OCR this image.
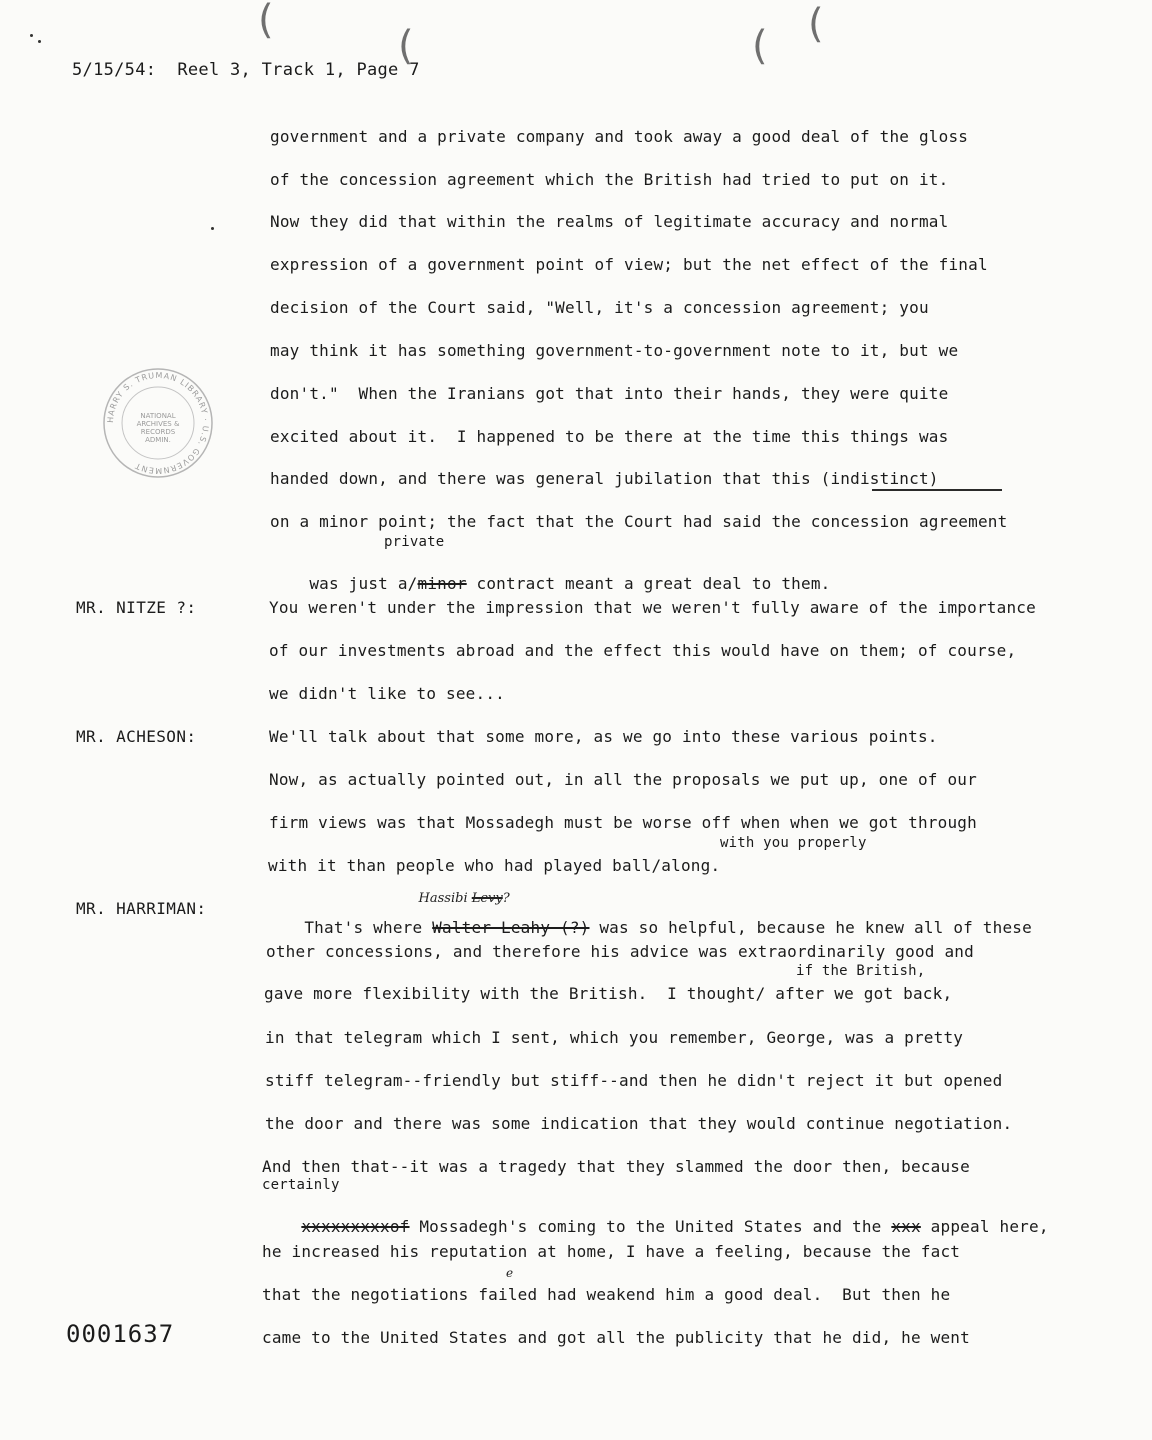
(
(	( (
5/15/54:  Reel 3, Track 1, Page 7
HARRY S. TRUMAN LIBRARY · U.S. GOVERNMENT
NATIONAL
ARCHIVES &
RECORDS
ADMIN.
government and a private company and took away a good deal of the gloss
of the concession agreement which the British had tried to put on it.
Now they did that within the realms of legitimate accuracy and normal
expression of a government point of view; but the net effect of the final
decision of the Court said, "Well, it's a concession agreement; you
may think it has something government-to-government note to it, but we
don't."  When the Iranians got that into their hands, they were quite
excited about it.  I happened to be there at the time this things was
handed down, and there was general jubilation that this (indistinct)
on a minor point; the fact that the Court had said the concession agreement
private

was just a/minor contract meant a great deal to them.

MR. NITZE ?:	You weren't under the impression that we weren't fully aware of the importance
of our investments abroad and the effect this would have on them; of course,
we didn't like to see...
MR. ACHESON:	We'll talk about that some more, as we go into these various points.
Now, as actually pointed out, in all the proposals we put up, one of our
firm views was that Mossadegh must be worse off when when we got through
with you properly
with it than people who had played ball/along.
MR. HARRIMAN:

Hassibi Levy?

That's where Walter Leahy (?) was so helpful, because he knew all of these

other concessions, and therefore his advice was extraordinarily good and
if the British,
gave more flexibility with the British.  I thought/ after we got back,
in that telegram which I sent, which you remember, George, was a pretty
stiff telegram--friendly but stiff--and then he didn't reject it but opened
the door and there was some indication that they would continue negotiation.
And then that--it was a tragedy that they slammed the door then, because
certainly

xxxxxxxxxof Mossadegh's coming to the United States and the xxx appeal here,

he increased his reputation at home, I have a feeling, because the fact
e
that the negotiations failed had weakend him a good deal.  But then he
came to the United States and got all the publicity that he did, he went
0001637
